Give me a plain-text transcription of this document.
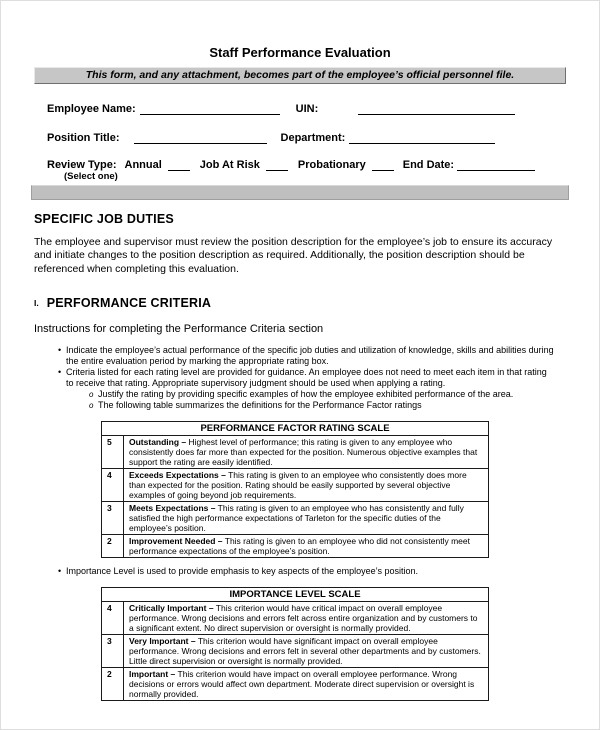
Staff Performance Evaluation
This form, and any attachment, becomes part of the employee’s official personnel file.
Employee Name:	UIN:
Position Title:	Department:
Review Type: Annual	Job At Risk	Probationary	End Date:
(Select one)
SPECIFIC JOB DUTIES
The employee and supervisor must review the position description for the employee’s job to ensure its accuracy and initiate changes to the position description as required. Additionally, the position description should be referenced when completing this evaluation.
I. PERFORMANCE CRITERIA
Instructions for completing the Performance Criteria section
• Indicate the employee’s actual performance of the specific job duties and utilization of knowledge, skills and abilities during the entire evaluation period by marking the appropriate rating box.
• Criteria listed for each rating level are provided for guidance. An employee does not need to meet each item in that rating to receive that rating. Appropriate supervisory judgment should be used when applying a rating.
o Justify the rating by providing specific examples of how the employee exhibited performance of the area.
o The following table summarizes the definitions for the Performance Factor ratings
PERFORMANCE FACTOR RATING SCALE	
5	Outstanding – Highest level of performance; this rating is given to any employee who consistently does far more than expected for the position. Numerous objective examples that support the rating are easily identified.
4	Exceeds Expectations – This rating is given to an employee who consistently does more than expected for the position. Rating should be easily supported by several objective examples of going beyond job requirements.
3	Meets Expectations – This rating is given to an employee who has consistently and fully satisfied the high performance expectations of Tarleton for the specific duties of the employee’s position.
2	Improvement Needed – This rating is given to an employee who did not consistently meet performance expectations of the employee’s position.
• Importance Level is used to provide emphasis to key aspects of the employee’s position.
IMPORTANCE LEVEL SCALE	
4	Critically Important – This criterion would have critical impact on overall employee performance. Wrong decisions and errors felt across entire organization and by customers to a significant extent. No direct supervision or oversight is normally provided.
3	Very Important – This criterion would have significant impact on overall employee performance. Wrong decisions and errors felt in several other departments and by customers. Little direct supervision or oversight is normally provided.
2	Important – This criterion would have impact on overall employee performance. Wrong decisions or errors would affect own department. Moderate direct supervision or oversight is normally provided.
